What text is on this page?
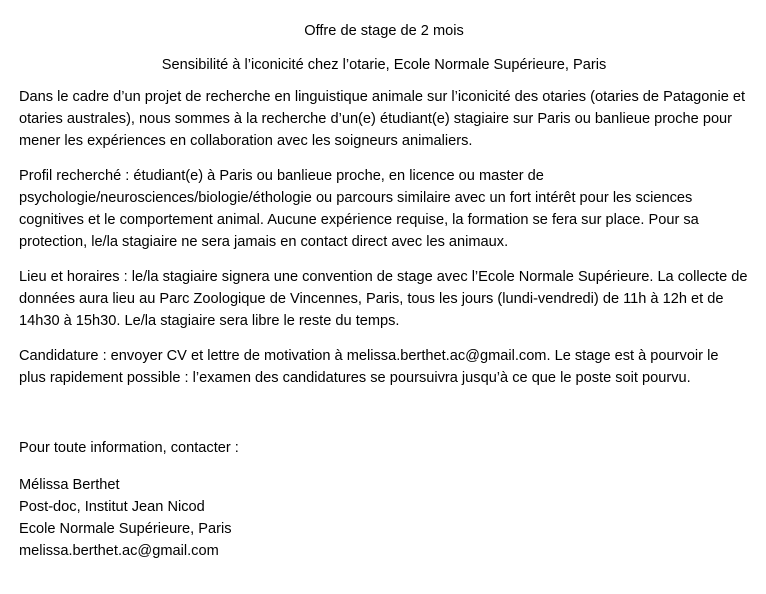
Offre de stage de 2 mois
Sensibilité à l’iconicité chez l’otarie, Ecole Normale Supérieure, Paris
Dans le cadre d’un projet de recherche en linguistique animale sur l’iconicité des otaries (otaries de Patagonie et otaries australes), nous sommes à la recherche d’un(e) étudiant(e) stagiaire sur Paris ou banlieue proche pour mener les expériences en collaboration avec les soigneurs animaliers.
Profil recherché : étudiant(e) à Paris ou banlieue proche, en licence ou master de psychologie/neurosciences/biologie/éthologie ou parcours similaire avec un fort intérêt pour les sciences cognitives et le comportement animal. Aucune expérience requise, la formation se fera sur place. Pour sa protection, le/la stagiaire ne sera jamais en contact direct avec les animaux.
Lieu et horaires : le/la stagiaire signera une convention de stage avec l’Ecole Normale Supérieure. La collecte de données aura lieu au Parc Zoologique de Vincennes, Paris, tous les jours (lundi-vendredi) de 11h à 12h et de 14h30 à 15h30. Le/la stagiaire sera libre le reste du temps.
Candidature : envoyer CV et lettre de motivation à melissa.berthet.ac@gmail.com. Le stage est à pourvoir le plus rapidement possible : l’examen des candidatures se poursuivra jusqu’à ce que le poste soit pourvu.
Pour toute information, contacter :
Mélissa Berthet
Post-doc, Institut Jean Nicod
Ecole Normale Supérieure, Paris
melissa.berthet.ac@gmail.com
